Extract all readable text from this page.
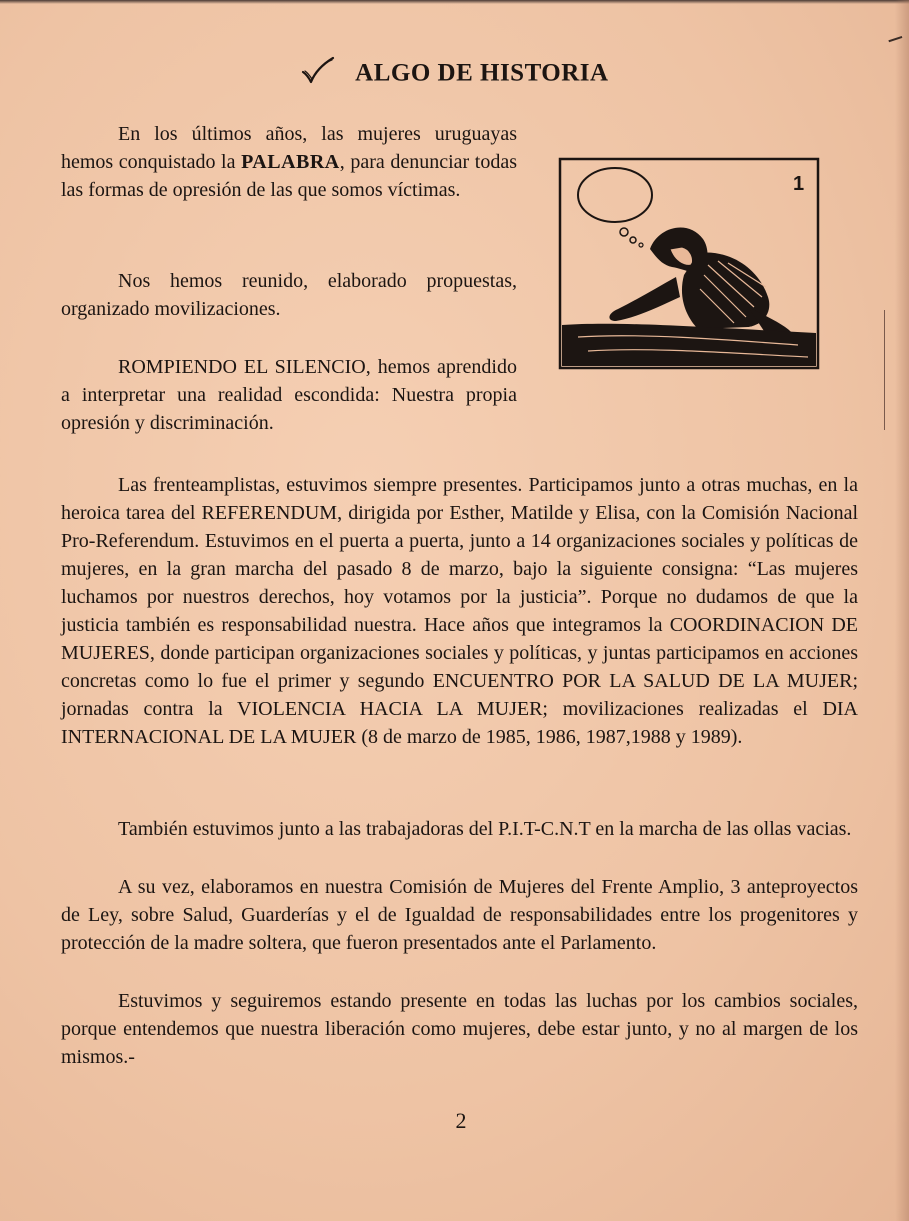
ALGO DE HISTORIA

En los últimos años, las mujeres uruguayas hemos conquistado la PALABRA, para denunciar todas las formas de opresión de las que somos víctimas.

Nos hemos reunido, elaborado propuestas, organizado movilizaciones.

ROMPIENDO EL SILENCIO, hemos aprendido a interpretar una realidad escondida: Nuestra propia opresión y discriminación.

1

Las frenteamplistas, estuvimos siempre presentes. Participamos junto a otras muchas, en la heroica tarea del REFERENDUM, dirigida por Esther, Matilde y Elisa, con la Comisión Nacional Pro-Referendum. Estuvimos en el puerta a puerta, junto a 14 organizaciones sociales y políticas de mujeres, en la gran marcha del pasado 8 de marzo, bajo la siguiente consigna: “Las mujeres luchamos por nuestros derechos, hoy votamos por la justicia”. Porque no dudamos de que la justicia también es responsabilidad nuestra. Hace años que integramos la COORDINACION DE MUJERES, donde participan organizaciones sociales y políticas, y juntas participamos en acciones concretas como lo fue el primer y segundo ENCUENTRO POR LA SALUD DE LA MUJER; jornadas contra la VIOLENCIA HACIA LA MUJER; movilizaciones realizadas el DIA INTERNACIONAL DE LA MUJER (8 de marzo de 1985, 1986, 1987,1988 y 1989).

También estuvimos junto a las trabajadoras del P.I.T-C.N.T en la marcha de las ollas vacias.

A su vez, elaboramos en nuestra Comisión de Mujeres del Frente Amplio, 3 anteproyectos de Ley, sobre Salud, Guarderías y el de Igualdad de responsabilidades entre los progenitores y protección de la madre soltera, que fueron presentados ante el Parlamento.

Estuvimos y seguiremos estando presente en todas las luchas por los cambios sociales, porque entendemos que nuestra liberación como mujeres, debe estar junto, y no al margen de los mismos.-

2
